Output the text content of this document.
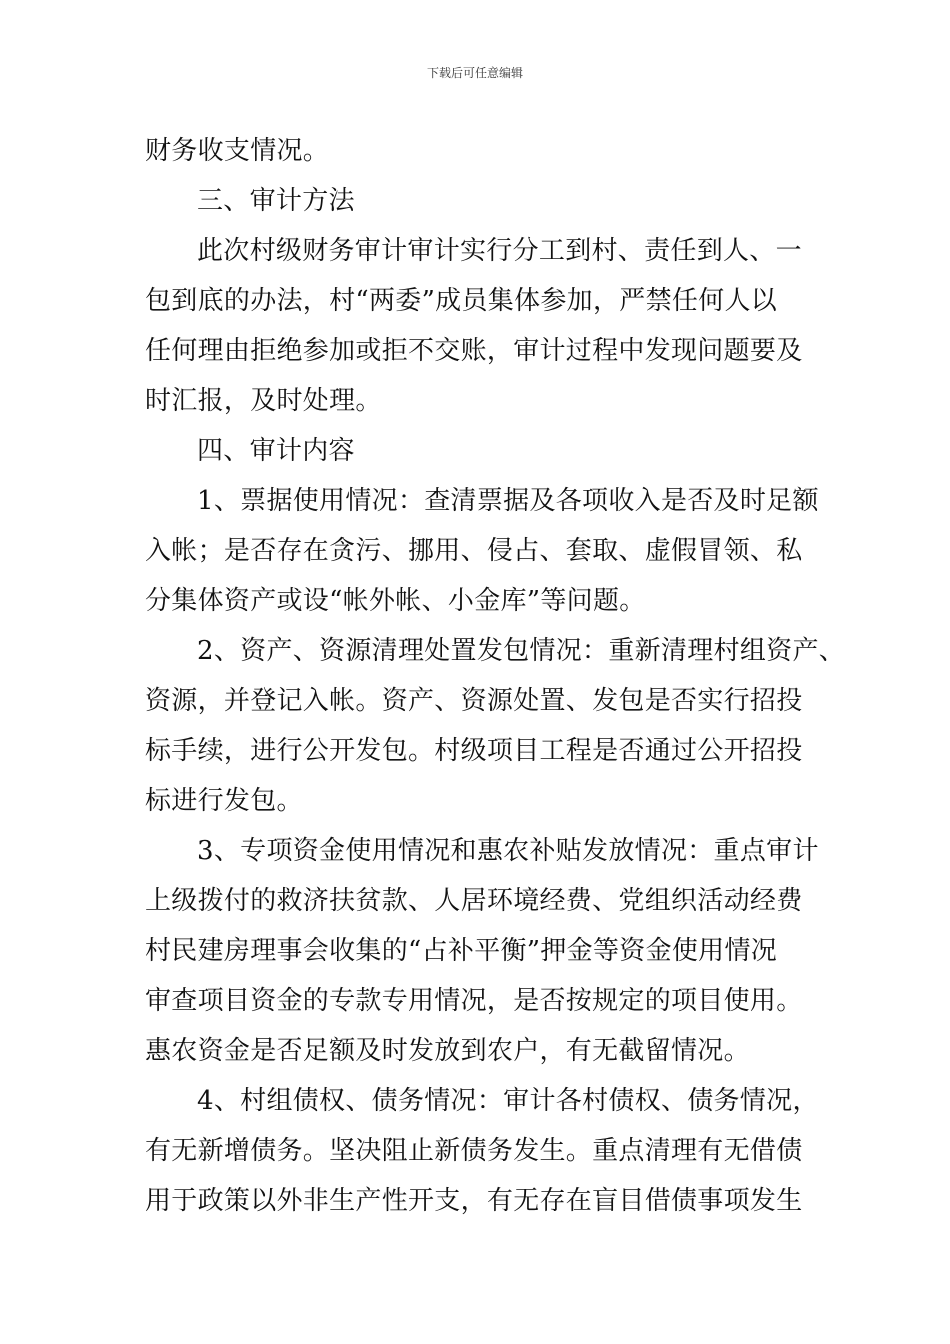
下载后可任意编辑
财务收支情况。
三、审计方法
此次村级财务审计审计实行分工到村、责任到人、一
包到底的办法，村“两委”成员集体参加，严禁任何人以
任何理由拒绝参加或拒不交账，审计过程中发现问题要及
时汇报，及时处理。
四、审计内容
1、票据使用情况：查清票据及各项收入是否及时足额
入帐；是否存在贪污、挪用、侵占、套取、虚假冒领、私
分集体资产或设“帐外帐、小金库”等问题。
2、资产、资源清理处置发包情况：重新清理村组资产、
资源，并登记入帐。资产、资源处置、发包是否实行招投
标手续，进行公开发包。村级项目工程是否通过公开招投
标进行发包。
3、专项资金使用情况和惠农补贴发放情况：重点审计
上级拨付的救济扶贫款、人居环境经费、党组织活动经费
村民建房理事会收集的“占补平衡”押金等资金使用情况
审查项目资金的专款专用情况，是否按规定的项目使用。
惠农资金是否足额及时发放到农户，有无截留情况。
4、村组债权、债务情况：审计各村债权、债务情况，
有无新增债务。坚决阻止新债务发生。重点清理有无借债
用于政策以外非生产性开支，有无存在盲目借债事项发生
